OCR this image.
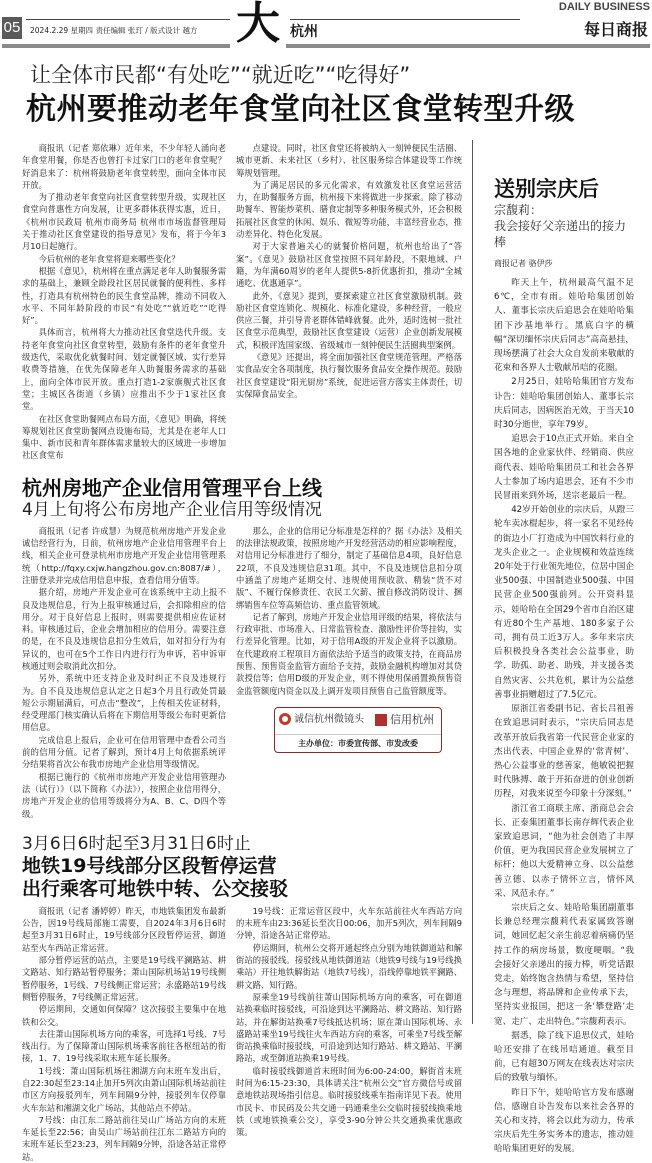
05 2024.2.29 星期四 责任编辑 张玎 / 版式设计 越方 大 杭州
DAILY BUSINESS
每日商报
让全体市民都“有处吃”“就近吃”“吃得好”
杭州要推动老年食堂向社区食堂转型升级

商报讯（记者 郑依琳）近年来，不少年轻人涌向老年食堂用餐，你是否也曾打卡过家门口的老年食堂呢？好消息来了：杭州将鼓励老年食堂转型，面向全体市民开放。

为了推动老年食堂向社区食堂转型升级，实现社区食堂向普惠性方向发展，让更多群体获得实惠，近日，《杭州市民政局 杭州市商务局 杭州市市场监督管理局关于推动社区食堂建设的指导意见》发布，将于今年3月10日起施行。

今后杭州的老年食堂将迎来哪些变化？

根据《意见》，杭州将在重点满足老年人助餐服务需求的基础上，兼顾全龄段社区居民就餐的便利性、多样性，打造具有杭州特色的民生食堂品牌，推动不同收入水平、不同年龄阶段的市民“有处吃”“就近吃”“吃得好”。

具体而言，杭州将大力推动社区食堂迭代升级。支持老年食堂向社区食堂转型，鼓励有条件的老年食堂升级迭代，采取优化就餐时间、划定就餐区域、实行差异收费等措施，在优先保障老年人助餐服务需求的基础上，面向全体市民开放。重点打造1-2家旗舰式社区食堂；主城区各街道（乡镇）应推出不少于1家社区食堂。

在社区食堂助餐网点布局方面，《意见》明确，将统筹规划社区食堂助餐网点设施布局，尤其是在老年人口集中、新市民和青年群体需求量较大的区域进一步增加社区食堂布

点建设。同时，社区食堂还将被纳入一刻钟便民生活圈、城市更新、未来社区（乡村）、社区服务综合体建设等工作统筹规划管理。

为了满足居民的多元化需求，有效激发社区食堂运营活力，在助餐服务方面，杭州接下来将做进一步探索。除了移动助餐车、智能炒菜机、膳食定制等多种服务模式外，还会积极拓展社区食堂的休闲、娱乐、微短等功能，丰富经营业态，推动差异化、特色化发展。

对于大家普遍关心的就餐价格问题，杭州也给出了“答案”。《意见》鼓励社区食堂按照不同年龄段，不限地域、户籍，为年满60周岁的老年人提供5-8折优惠折扣，推动“全城通吃、优惠通享”。

此外，《意见》提到，要探索建立社区食堂激励机制。鼓励社区食堂连锁化、规模化、标准化建设，多种经营，一般应供应三餐，并引导青老群体错峰就餐。此外，适时选树一批社区食堂示范典型，鼓励社区食堂建设（运营）企业创新发展模式，积极评选国家级、省级城市一刻钟便民生活圈典型案例。

《意见》还提出，将全面加强社区食堂规范管理。严格落实食品安全各项制度，执行餐饮服务食品安全操作规范。鼓励社区食堂建设“阳光厨房”系统，促进运营方落实主体责任，切实保障食品安全。

杭州房地产企业信用管理平台上线
4月上旬将公布房地产企业信用等级情况

商报讯（记者 许成慧）为规范杭州房地产开发企业诚信经营行为，日前，杭州房地产企业信用管理平台上线，相关企业可登录杭州市房地产开发企业信用管理系统（http://fqxy.cxjw.hangzhou.gov.cn:8087/#），注册登录并完成信用信息申报，查看信用分值等。

据介绍，房地产开发企业可在该系统中主动上报不良及违规信息，行为上报审核通过后，会扣除相应的信用分。对于良好信息上报时，则需要提供相应佐证材料。审核通过后，企业会增加相应的信用分。需要注意的是，在不良及违规信息扣分生效后，如对扣分行为有异议的，也可在5个工作日内进行行为申诉，若申诉审核通过则会取消此次扣分。

另外，系统中还支持企业及时纠正不良及违规行为。自不良及违规信息认定之日起3个月且行政处罚最短公示期届满后，可点击“整改”，上传相关佐证材料，经受理部门核实确认后将在下期信用等级公布时更新信用信息。

完成信息上报后，企业可在信用管理中查看公司当前的信用分值。记者了解到，预计4月上旬依据系统评分结果将首次公布我市房地产企业信用等级情况。

根据已施行的《杭州市房地产开发企业信用管理办法（试行）》（以下简称《办法》），按照企业信用得分，房地产开发企业的信用等级将分为A、B、C、D四个等级。

那么，企业的信用记分标准是怎样的？据《办法》及相关的法律法规政策，按照房地产开发经营活动的相应影响程度，对信用记分标准进行了细分，制定了基础信息4项，良好信息22项，不良及违规信息31项。其中，不良及违规信息扣分项中涵盖了房地产延期交付、违规使用预收款、精装“货不对版”、不履行保修责任、农民工欠薪、擅自修改消防设计、捆绑销售车位等高频信访、重点监管领域。

记者了解到，房地产开发企业信用评级的结果，将依法与行政审批、市场准入、日常监管检查、激励性评价等挂钩，实行差异化管理。比如，对于信用A级的开发企业将予以激励。在代建政府工程项目方面依法给予适当的政策支持，在商品房预售、预售资金监管方面给予支持，鼓励金融机构增加对其贷款授信等；信用D级的开发企业，则不得使用保函置换预售资金监管额度内资金以及上调开发项目预售自己监管额度等。

诚信杭州微镜头	信用杭州
主办单位：市委宣传部、市发改委
3月6日6时起至3月31日6时止
地铁19号线部分区段暂停运营
出行乘客可地铁中转、公交接驳

商报讯（记者 潘婷婷）昨天，市地铁集团发布最新公告，因19号线局部施工需要，自2024年3月6日6时起至3月31日6时止，19号线部分区段暂停运营，御道站至火车西站正常运营。

部分暂停运营的站点，主要是19号线平澜路站、耕文路站、知行路站暂停服务；萧山国际机场站19号线侧暂停服务，1号线、7号线侧正常运营；永盛路站19号线侧暂停服务，7号线侧正常运营。

停运期间，交通如何保障？这次接驳主要集中在地铁和公交。

去往萧山国际机场方向的乘客，可选择1号线、7号线出行。为了保障萧山国际机场乘客前往各枢纽站的衔接，1、7、19号线采取末班车延长服务。

1号线：萧山国际机场往湘湖方向末班车发出后，自22:30起至23:14止加开5列次由萧山国际机场站前往市区方向接驳列车，列车间隔9分钟，接驳列车仅停靠火车东站和湘湖文化广场站，其他站点不停站。

7号线：由江东二路站前往吴山广场站方向的末班车延长至22:56；由吴山广场站前往江东二路站方向的末班车延长至23:23，列车间隔9分钟，沿途各站正常停站。

19号线：正常运营区段中，火车东站前往火车西站方向的末班车由23:36延长至次日00:06，加开5列次，列车间隔9分钟，沿途各站正常停站。

停运期间，杭州公交将开通起终点分别为地铁御道站和解街站的接驳线。接驳线从地铁御道站（地铁9号线与19号线换乘站）开往地铁解街站（地铁7号线），沿线停靠地铁平澜路、耕文路、知行路。

原乘坐19号线前往萧山国际机场方向的乘客，可在御道站换乘临时接驳线，可沿途到达平澜路站、耕文路站、知行路站，并在解街站换乘7号线抵达机场；原在萧山国际机场、永盛路站乘坐19号线往火车西站方向的乘客，可乘坐7号线至解街站换乘临时接驳线，可沿途到达知行路站、耕文路站、平澜路站，或至御道站换乘19号线。

临时接驳线御道首末班时间为6:00-24:00，解街首末班时间为6:15-23:30，具体请关注“杭州公交”官方微信号或留意地铁站现场指引信息。临时接驳线乘车指南详见下表。使用市民卡、市民码及公共交通一码通乘坐公交临时接驳线换乘地铁（或地铁换乘公交），享受3-90分钟公共交通换乘优惠政策。

送别宗庆后
宗馥莉：
我会接好父亲递出的接力棒
商报记者 骆伊莎

昨天上午，杭州最高气温不足6℃，全市有雨。娃哈哈集团创始人、董事长宗庆后追思会在娃哈哈集团下沙基地举行。黑底白字的横幅“深切缅怀宗庆后同志”高高悬挂，现场摆满了社会大众自发前来敬献的花束和各界人士敬献吊唁的花圈。

2月25日，娃哈哈集团官方发布讣告：娃哈哈集团创始人、董事长宗庆后同志，因病医治无效，于当天10时30分逝世，享年79岁。

追思会于10点正式开始。来自全国各地的企业家伙伴、经销商、供应商代表、娃哈哈集团员工和社会各界人士参加了场内追思会，还有不少市民冒雨来到外场，送宗老最后一程。

42岁开始创业的宗庆后，从蹬三轮车卖冰棍起步，将一家名不见经传的街边小厂打造成为中国饮料行业的龙头企业之一。企业规模和效益连续20年处于行业领先地位，位居中国企业500强、中国制造业500强、中国民营企业500强前列。公开资料显示，娃哈哈在全国29个省市自治区建有近80个生产基地、180多家子公司，拥有员工近3万人。多年来宗庆后积极投身各类社会公益事业，助学、助孤、助老、助残，并支援各类自然灾害、公共危机，累计为公益慈善事业捐赠超过了7.5亿元。

原浙江省委副书记、省长吕祖善在致追思词时表示，“宗庆后同志是改革开放后我省第一代民营企业家的杰出代表、中国企业界的‘常青树’、热心公益事业的慈善家，他敏锐把握时代脉搏、敢于开拓奋进的创业创新历程，对我来说至今印象十分深刻。”

浙江省工商联主席、浙商总会会长、正泰集团董事长南存辉代表企业家致追思词，“他为社会创造了丰厚价值，更为我国民营企业发展树立了标杆；他以大爱精神立身、以公益慈善立德、以赤子情怀立言，情怀风采、风范永存。”

宗庆后之女、娃哈哈集团副董事长兼总经理宗馥莉代表家属致答谢词，她回忆起父亲生前忍着病痛仍坚持工作的病房场景，数度哽咽。“我会接好父亲递出的接力棒，听党话跟党走，始终饱含热情与希望，坚持信念与理想，将品牌和企业传承下去，坚持实业报国，把这一条‘攀登路’走宽、走广、走出特色。”宗馥莉表示。

据悉，除了线下追思仪式，娃哈哈还安排了在线吊唁通道。截至目前，已有超30万网友在线表达对宗庆后的致敬与缅怀。

昨日下午，娃哈哈官方发布感谢信，感谢自讣告发布以来社会各界的关心和支持，将会以此为动力，传承宗庆后先生务实务本的遗志，推动娃哈哈集团更好的发展。
